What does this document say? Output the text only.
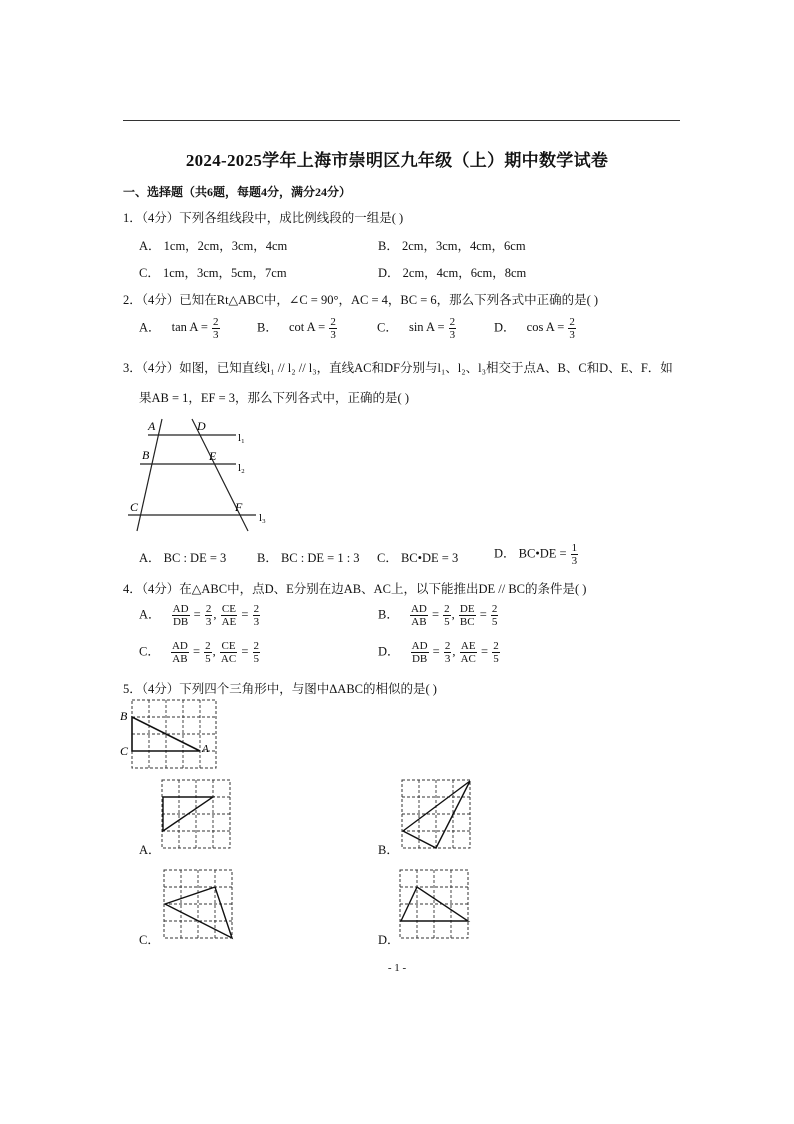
2024-2025学年上海市崇明区九年级（上）期中数学试卷
一、选择题（共6题，每题4分，满分24分）
1．（4分）下列各组线段中，成比例线段的一组是( )
A． 1cm，2cm，3cm，4cm	B． 2cm，3cm，4cm，6cm
C． 1cm，3cm，5cm，7cm	D． 2cm，4cm，6cm，8cm
2．（4分）已知在Rt△ABC中，∠C = 90°，AC = 4，BC = 6，那么下列各式中正确的是( )
A． $\tan A = \frac{2}{3}$	B． $\cot A = \frac{2}{3}$	C． $\sin A = \frac{2}{3}$	D． $\cos A = \frac{2}{3}$
3．（4分）如图，已知直线l₁ // l₂ // l₃，直线AC和DF分别与l₁、l₂、l₃相交于点A、B、C和D、E、F．如
果AB = 1，EF = 3，那么下列各式中，正确的是( )
A	D
l₁
B	E
l₂
C	F
l₃
A． BC : DE = 3 B． BC : DE = 1 : 3 C． BC•DE = 3	D． BC•DE = $\frac{1}{3}$
4．（4分）在△ABC中，点D、E分别在边AB、AC上，以下能推出DE // BC的条件是( )
A． $\frac{AD}{DB} = \frac{2}{3}$ , $\frac{CE}{AE} = \frac{2}{3}$	B． $\frac{AD}{AB} = \frac{2}{5}$ , $\frac{DE}{BC} = \frac{2}{5}$
C． $\frac{AD}{AB} = \frac{2}{5}$ , $\frac{CE}{AC} = \frac{2}{5}$	D． $\frac{AD}{DB} = \frac{2}{3}$ , $\frac{AE}{AC} = \frac{2}{5}$
5．（4分）下列四个三角形中，与图中ΔABC的相似的是( )
B
C	A
A．	B．
C．	D．
- 1 -
